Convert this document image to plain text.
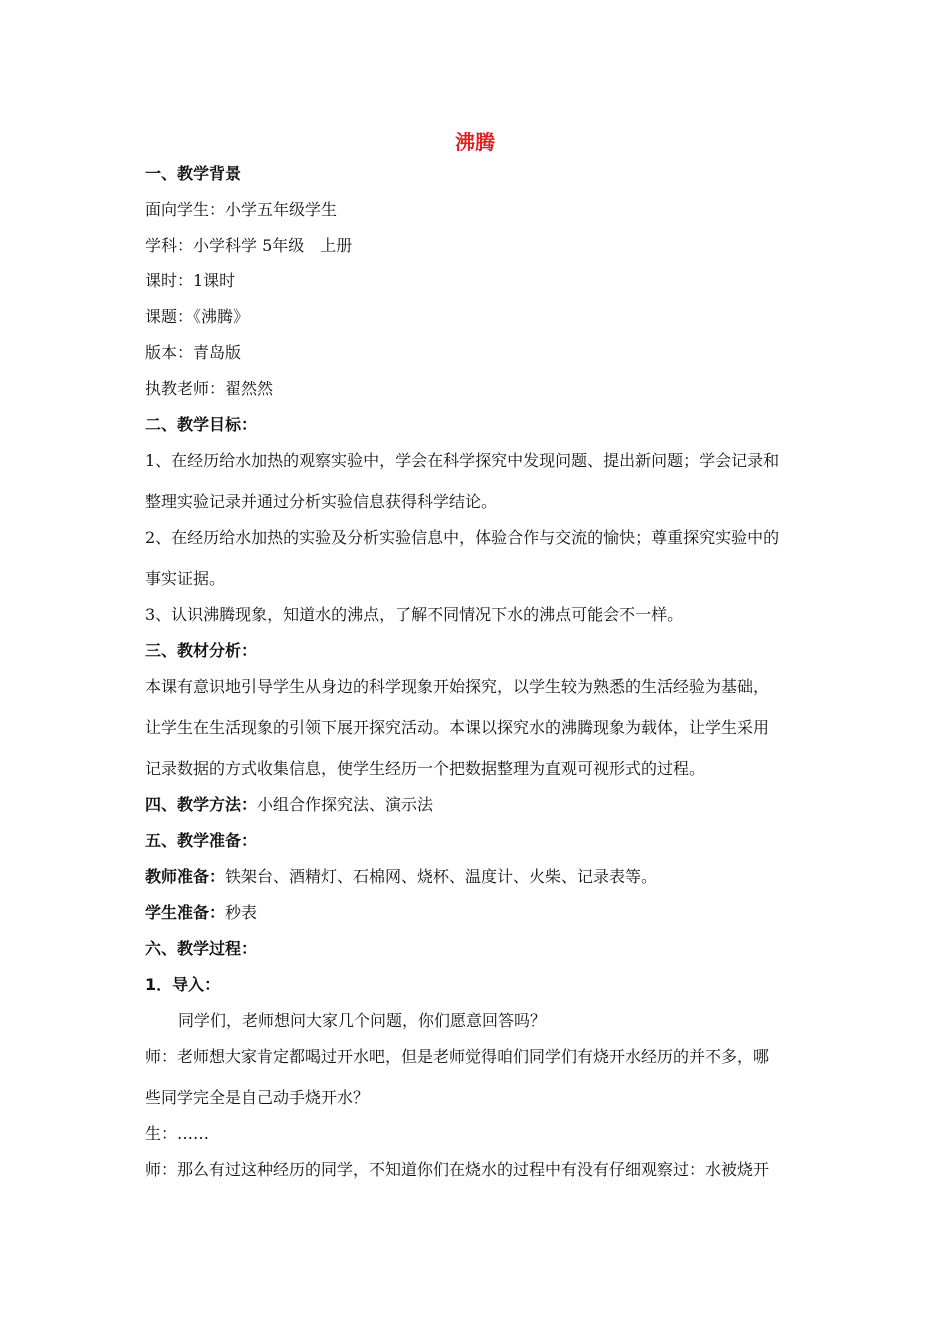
沸腾
一、教学背景
面向学生：小学五年级学生
学科：小学科学 5年级　上册
课时：1课时
课题：《沸腾》
版本：青岛版
执教老师：翟然然
二、教学目标：
1、在经历给水加热的观察实验中，学会在科学探究中发现问题、提出新问题；学会记录和
整理实验记录并通过分析实验信息获得科学结论。
2、在经历给水加热的实验及分析实验信息中，体验合作与交流的愉快；尊重探究实验中的
事实证据。
3、认识沸腾现象，知道水的沸点，了解不同情况下水的沸点可能会不一样。
三、教材分析：
本课有意识地引导学生从身边的科学现象开始探究，以学生较为熟悉的生活经验为基础，
让学生在生活现象的引领下展开探究活动。本课以探究水的沸腾现象为载体，让学生采用
记录数据的方式收集信息，使学生经历一个把数据整理为直观可视形式的过程。
四、教学方法：小组合作探究法、演示法
五、教学准备：
教师准备：铁架台、酒精灯、石棉网、烧杯、温度计、火柴、记录表等。
学生准备：秒表
六、教学过程：
1．导入：
同学们，老师想问大家几个问题，你们愿意回答吗？
师：老师想大家肯定都喝过开水吧，但是老师觉得咱们同学们有烧开水经历的并不多，哪
些同学完全是自己动手烧开水？
生：……
师：那么有过这种经历的同学，不知道你们在烧水的过程中有没有仔细观察过：水被烧开
